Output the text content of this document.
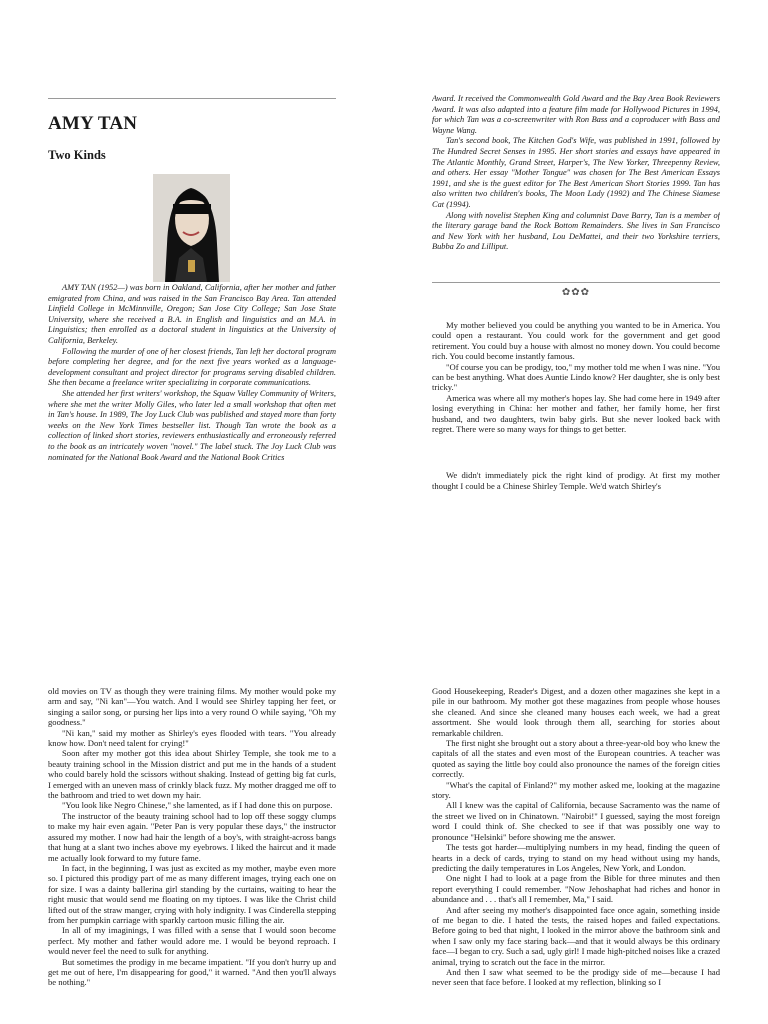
AMY TAN
Two Kinds

AMY TAN (1952—) was born in Oakland, California, after her mother and father emigrated from China, and was raised in the San Francisco Bay Area. Tan attended Linfield College in McMinnville, Oregon; San Jose City College; San Jose State University, where she received a B.A. in English and linguistics and an M.A. in Linguistics; then enrolled as a doctoral student in linguistics at the University of California, Berkeley.

Following the murder of one of her closest friends, Tan left her doctoral program before completing her degree, and for the next five years worked as a language-development consultant and project director for programs serving disabled children. She then became a freelance writer specializing in corporate communications.

She attended her first writers' workshop, the Squaw Valley Community of Writers, where she met the writer Molly Giles, who later led a small workshop that often met in Tan's house. In 1989, The Joy Luck Club was published and stayed more than forty weeks on the New York Times bestseller list. Though Tan wrote the book as a collection of linked short stories, reviewers enthusiastically and erroneously referred to the book as an intricately woven "novel." The label stuck. The Joy Luck Club was nominated for the National Book Award and the National Book Critics

Award. It received the Commonwealth Gold Award and the Bay Area Book Reviewers Award. It was also adapted into a feature film made for Hollywood Pictures in 1994, for which Tan was a co-screenwriter with Ron Bass and a coproducer with Bass and Wayne Wang.

Tan's second book, The Kitchen God's Wife, was published in 1991, followed by The Hundred Secret Senses in 1995. Her short stories and essays have appeared in The Atlantic Monthly, Grand Street, Harper's, The New Yorker, Threepenny Review, and others. Her essay "Mother Tongue" was chosen for The Best American Essays 1991, and she is the guest editor for The Best American Short Stories 1999. Tan has also written two children's books, The Moon Lady (1992) and The Chinese Siamese Cat (1994).

Along with novelist Stephen King and columnist Dave Barry, Tan is a member of the literary garage band the Rock Bottom Remainders. She lives in San Francisco and New York with her husband, Lou DeMattei, and their two Yorkshire terriers, Bubba Zo and Lilliput.

✿✿✿

My mother believed you could be anything you wanted to be in America. You could open a restaurant. You could work for the government and get good retirement. You could buy a house with almost no money down. You could become rich. You could become instantly famous.

"Of course you can be prodigy, too," my mother told me when I was nine. "You can be best anything. What does Auntie Lindo know? Her daughter, she is only best tricky."

America was where all my mother's hopes lay. She had come here in 1949 after losing everything in China: her mother and father, her family home, her first husband, and two daughters, twin baby girls. But she never looked back with regret. There were so many ways for things to get better.

We didn't immediately pick the right kind of prodigy. At first my mother thought I could be a Chinese Shirley Temple. We'd watch Shirley's

old movies on TV as though they were training films. My mother would poke my arm and say, "Ni kan"—You watch. And I would see Shirley tapping her feet, or singing a sailor song, or pursing her lips into a very round O while saying, "Oh my goodness."

"Ni kan," said my mother as Shirley's eyes flooded with tears. "You already know how. Don't need talent for crying!"

Soon after my mother got this idea about Shirley Temple, she took me to a beauty training school in the Mission district and put me in the hands of a student who could barely hold the scissors without shaking. Instead of getting big fat curls, I emerged with an uneven mass of crinkly black fuzz. My mother dragged me off to the bathroom and tried to wet down my hair.

"You look like Negro Chinese," she lamented, as if I had done this on purpose.

The instructor of the beauty training school had to lop off these soggy clumps to make my hair even again. "Peter Pan is very popular these days," the instructor assured my mother. I now had hair the length of a boy's, with straight-across bangs that hung at a slant two inches above my eyebrows. I liked the haircut and it made me actually look forward to my future fame.

In fact, in the beginning, I was just as excited as my mother, maybe even more so. I pictured this prodigy part of me as many different images, trying each one on for size. I was a dainty ballerina girl standing by the curtains, waiting to hear the right music that would send me floating on my tiptoes. I was like the Christ child lifted out of the straw manger, crying with holy indignity. I was Cinderella stepping from her pumpkin carriage with sparkly cartoon music filling the air.

In all of my imaginings, I was filled with a sense that I would soon become perfect. My mother and father would adore me. I would be beyond reproach. I would never feel the need to sulk for anything.

But sometimes the prodigy in me became impatient. "If you don't hurry up and get me out of here, I'm disappearing for good," it warned. "And then you'll always be nothing."

Good Housekeeping, Reader's Digest, and a dozen other magazines she kept in a pile in our bathroom. My mother got these magazines from people whose houses she cleaned. And since she cleaned many houses each week, we had a great assortment. She would look through them all, searching for stories about remarkable children.

The first night she brought out a story about a three-year-old boy who knew the capitals of all the states and even most of the European countries. A teacher was quoted as saying the little boy could also pronounce the names of the foreign cities correctly.

"What's the capital of Finland?" my mother asked me, looking at the magazine story.

All I knew was the capital of California, because Sacramento was the name of the street we lived on in Chinatown. "Nairobi!" I guessed, saying the most foreign word I could think of. She checked to see if that was possibly one way to pronounce "Helsinki" before showing me the answer.

The tests got harder—multiplying numbers in my head, finding the queen of hearts in a deck of cards, trying to stand on my head without using my hands, predicting the daily temperatures in Los Angeles, New York, and London.

One night I had to look at a page from the Bible for three minutes and then report everything I could remember. "Now Jehoshaphat had riches and honor in abundance and . . . that's all I remember, Ma," I said.

And after seeing my mother's disappointed face once again, something inside of me began to die. I hated the tests, the raised hopes and failed expectations. Before going to bed that night, I looked in the mirror above the bathroom sink and when I saw only my face staring back—and that it would always be this ordinary face—I began to cry. Such a sad, ugly girl! I made high-pitched noises like a crazed animal, trying to scratch out the face in the mirror.

And then I saw what seemed to be the prodigy side of me—because I had never seen that face before. I looked at my reflection, blinking so I
